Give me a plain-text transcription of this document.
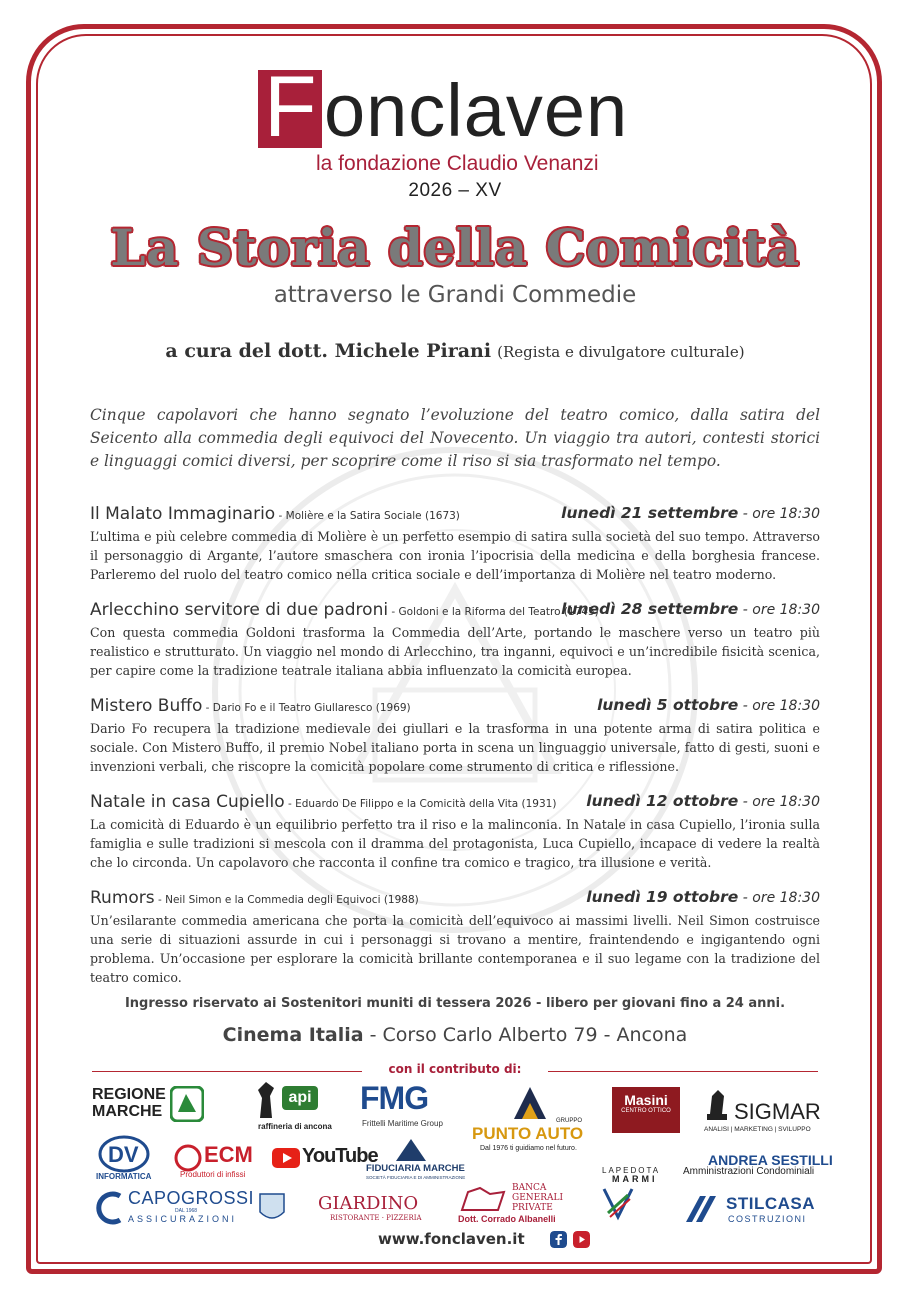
F onclaven
la fondazione Claudio Venanzi
2026 – XV
La Storia della Comicità
attraverso le Grandi Commedie
a cura del dott. Michele Pirani (Regista e divulgatore culturale)
Cinque capolavori che hanno segnato l’evoluzione del teatro comico, dalla satira del Seicento alla commedia degli equivoci del Novecento. Un viaggio tra autori, contesti storici e linguaggi comici diversi, per scoprire come il riso si sia trasformato nel tempo.
Il Malato Immaginario - Molière e la Satira Sociale (1673)	lunedì 21 settembre - ore 18:30
L’ultima e più celebre commedia di Molière è un perfetto esempio di satira sulla società del suo tempo. Attraverso il personaggio di Argante, l’autore smaschera con ironia l’ipocrisia della medicina e della borghesia francese. Parleremo del ruolo del teatro comico nella critica sociale e dell’importanza di Molière nel teatro moderno.
Arlecchino servitore di due padroni - Goldoni e la Riforma del Teatro (1745)
lunedì 28 settembre - ore 18:30
Con questa commedia Goldoni trasforma la Commedia dell’Arte, portando le maschere verso un teatro più realistico e strutturato. Un viaggio nel mondo di Arlecchino, tra inganni, equivoci e un’incredibile fisicità scenica, per capire come la tradizione teatrale italiana abbia influenzato la comicità europea.
Mistero Buffo - Dario Fo e il Teatro Giullaresco (1969)	lunedì 5 ottobre - ore 18:30
Dario Fo recupera la tradizione medievale dei giullari e la trasforma in una potente arma di satira politica e sociale. Con Mistero Buffo, il premio Nobel italiano porta in scena un linguaggio universale, fatto di gesti, suoni e invenzioni verbali, che riscopre la comicità popolare come strumento di critica e riflessione.
Natale in casa Cupiello - Eduardo De Filippo e la Comicità della Vita (1931) lunedì 12 ottobre - ore 18:30
La comicità di Eduardo è un equilibrio perfetto tra il riso e la malinconia. In Natale in casa Cupiello, l’ironia sulla famiglia e sulle tradizioni si mescola con il dramma del protagonista, Luca Cupiello, incapace di vedere la realtà che lo circonda. Un capolavoro che racconta il confine tra comico e tragico, tra illusione e verità.
Rumors - Neil Simon e la Commedia degli Equivoci (1988)	lunedì 19 ottobre - ore 18:30
Un’esilarante commedia americana che porta la comicità dell’equivoco ai massimi livelli. Neil Simon costruisce una serie di situazioni assurde in cui i personaggi si trovano a mentire, fraintendendo e ingigantendo ogni problema. Un’occasione per esplorare la comicità brillante contemporanea e il suo legame con la tradizione del teatro comico.
Ingresso riservato ai Sostenitori muniti di tessera 2026 - libero per giovani fino a 24 anni.
Cinema Italia - Corso Carlo Alberto 79 - Ancona
con il contributo di:
REGIONE
MARCHE
api
raffineria di ancona
FMG
Frittelli Maritime Group	GRUPPO
PUNTO AUTO
Dal 1976 ti guidiamo nel futuro.
Masini
CENTRO OTTICO	SIGMAR
ANALISI | MARKETING | SVILUPPO
DV
INFORMATICA
ECM
Produttori di infissi
YouTube
FIDUCIARIA MARCHE
SOCIETÀ FIDUCIARIA E DI AMMINISTRAZIONE
ANDREA SESTILLI
Amministrazioni Condominiali
CAPOGROSSI
DAL 1968
ASSICURAZIONI
GIARDINO
RISTORANTE · PIZZERIA
BANCA
GENERALI
PRIVATE
Dott. Corrado Albanelli
LAPEDOTA
MARMI
STILCASA
COSTRUZIONI
www.fonclaven.it
